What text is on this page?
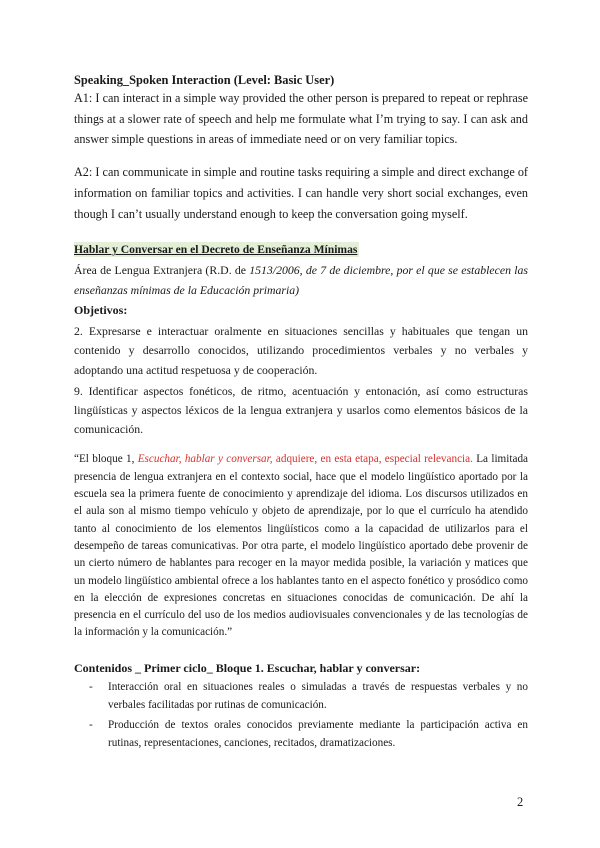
Speaking_Spoken Interaction (Level: Basic User)

A1: I can interact in a simple way provided the other person is prepared to repeat or rephrase things at a slower rate of speech and help me formulate what I’m trying to say. I can ask and answer simple questions in areas of immediate need or on very familiar topics.

A2: I can communicate in simple and routine tasks requiring a simple and direct exchange of information on familiar topics and activities. I can handle very short social exchanges, even though I can’t usually understand enough to keep the conversation going myself.

Hablar y Conversar en el Decreto de Enseñanza Mínimas

Área de Lengua Extranjera (R.D. de 1513/2006, de 7 de diciembre, por el que se establecen las enseñanzas mínimas de la Educación primaria)

Objetivos:

2. Expresarse e interactuar oralmente en situaciones sencillas y habituales que tengan un contenido y desarrollo conocidos, utilizando procedimientos verbales y no verbales y adoptando una actitud respetuosa y de cooperación.

9. Identificar aspectos fonéticos, de ritmo, acentuación y entonación, así como estructuras lingüísticas y aspectos léxicos de la lengua extranjera y usarlos como elementos básicos de la comunicación.

“El bloque 1, Escuchar, hablar y conversar, adquiere, en esta etapa, especial relevancia. La limitada presencia de lengua extranjera en el contexto social, hace que el modelo lingüístico aportado por la escuela sea la primera fuente de conocimiento y aprendizaje del idioma. Los discursos utilizados en el aula son al mismo tiempo vehículo y objeto de aprendizaje, por lo que el currículo ha atendido tanto al conocimiento de los elementos lingüísticos como a la capacidad de utilizarlos para el desempeño de tareas comunicativas. Por otra parte, el modelo lingüístico aportado debe provenir de un cierto número de hablantes para recoger en la mayor medida posible, la variación y matices que un modelo lingüístico ambiental ofrece a los hablantes tanto en el aspecto fonético y prosódico como en la elección de expresiones concretas en situaciones conocidas de comunicación. De ahí la presencia en el currículo del uso de los medios audiovisuales convencionales y de las tecnologías de la información y la comunicación.”

Contenidos _ Primer ciclo_ Bloque 1. Escuchar, hablar y conversar:

- Interacción oral en situaciones reales o simuladas a través de respuestas verbales y no verbales facilitadas por rutinas de comunicación.
- Producción de textos orales conocidos previamente mediante la participación activa en rutinas, representaciones, canciones, recitados, dramatizaciones.
2
